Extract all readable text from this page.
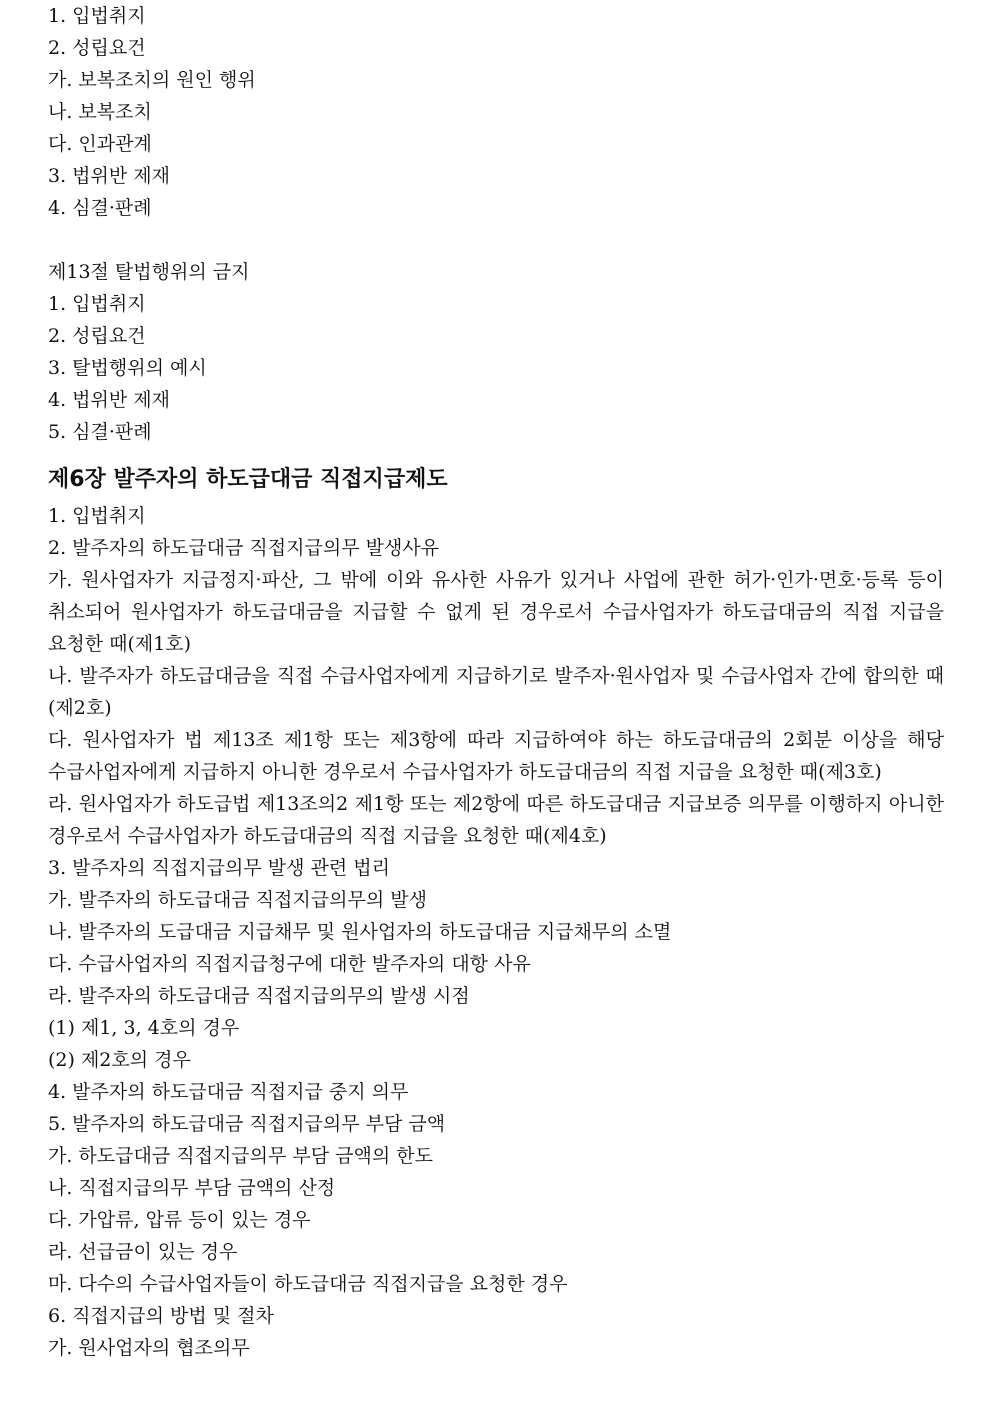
1. 입법취지
2. 성립요건
가. 보복조치의 원인 행위
나. 보복조치
다. 인과관계
3. 법위반 제재
4. 심결·판례
제13절 탈법행위의 금지
1. 입법취지
2. 성립요건
3. 탈법행위의 예시
4. 법위반 제재
5. 심결·판례
제6장 발주자의 하도급대금 직접지급제도
1. 입법취지
2. 발주자의 하도급대금 직접지급의무 발생사유
가. 원사업자가 지급정지·파산, 그 밖에 이와 유사한 사유가 있거나 사업에 관한 허가·인가·면호·등록 등이 취소되어 원사업자가 하도급대금을 지급할 수 없게 된 경우로서 수급사업자가 하도급대금의 직접 지급을 요청한 때(제1호)
나. 발주자가 하도급대금을 직접 수급사업자에게 지급하기로 발주자·원사업자 및 수급사업자 간에 합의한 때(제2호)
다. 원사업자가 법 제13조 제1항 또는 제3항에 따라 지급하여야 하는 하도급대금의 2회분 이상을 해당 수급사업자에게 지급하지 아니한 경우로서 수급사업자가 하도급대금의 직접 지급을 요청한 때(제3호)
라. 원사업자가 하도급법 제13조의2 제1항 또는 제2항에 따른 하도급대금 지급보증 의무를 이행하지 아니한 경우로서 수급사업자가 하도급대금의 직접 지급을 요청한 때(제4호)
3. 발주자의 직접지급의무 발생 관련 법리
가. 발주자의 하도급대금 직접지급의무의 발생
나. 발주자의 도급대금 지급채무 및 원사업자의 하도급대금 지급채무의 소멸
다. 수급사업자의 직접지급청구에 대한 발주자의 대항 사유
라. 발주자의 하도급대금 직접지급의무의 발생 시점
(1) 제1, 3, 4호의 경우
(2) 제2호의 경우
4. 발주자의 하도급대금 직접지급 중지 의무
5. 발주자의 하도급대금 직접지급의무 부담 금액
가. 하도급대금 직접지급의무 부담 금액의 한도
나. 직접지급의무 부담 금액의 산정
다. 가압류, 압류 등이 있는 경우
라. 선급금이 있는 경우
마. 다수의 수급사업자들이 하도급대금 직접지급을 요청한 경우
6. 직접지급의 방법 및 절차
가. 원사업자의 협조의무
